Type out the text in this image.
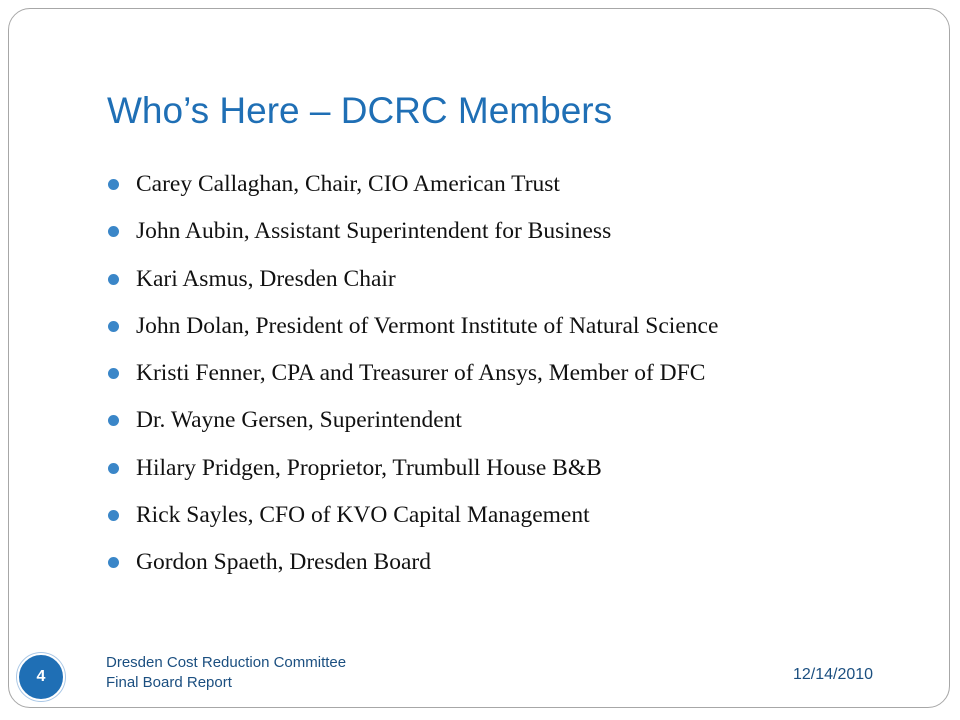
Who’s Here – DCRC Members
Carey Callaghan, Chair, CIO American Trust
John Aubin, Assistant Superintendent for Business
Kari Asmus, Dresden Chair
John Dolan, President of Vermont Institute of Natural Science
Kristi Fenner, CPA and Treasurer of Ansys, Member of DFC
Dr. Wayne Gersen, Superintendent
Hilary Pridgen, Proprietor, Trumbull House B&B
Rick Sayles, CFO of KVO Capital Management
Gordon Spaeth, Dresden Board
4
Dresden Cost Reduction Committee
Final Board Report	12/14/2010
